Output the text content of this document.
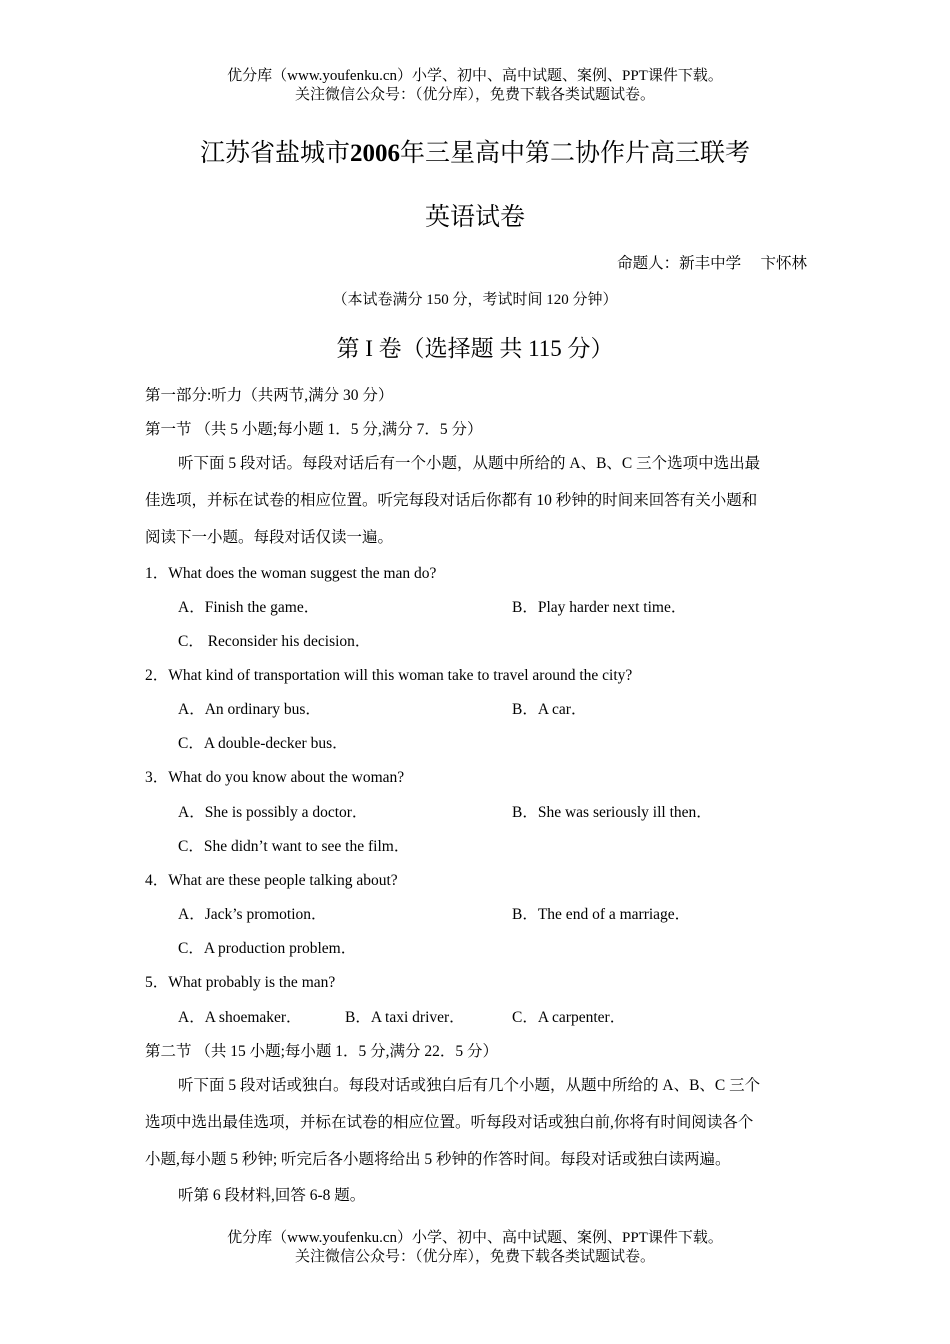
优分库（www.youfenku.cn）小学、初中、高中试题、案例、PPT课件下载。
关注微信公众号：（优分库），免费下载各类试题试卷。
江苏省盐城市2006年三星高中第二协作片高三联考
英语试卷
命题人：新丰中学　 卞怀林
（本试卷满分 150 分，考试时间 120 分钟）
第 I 卷（选择题 共 115 分）
第一部分:听力（共两节,满分 30 分）
第一节 （共 5 小题;每小题 1．5 分,满分 7．5 分）
听下面 5 段对话。每段对话后有一个小题，从题中所给的 A、B、C 三个选项中选出最
佳选项，并标在试卷的相应位置。听完每段对话后你都有 10 秒钟的时间来回答有关小题和
阅读下一小题。每段对话仅读一遍。
1．What does the woman suggest the man do?
A．Finish the game．	B．Play harder next time．
C． Reconsider his decision．
2．What kind of transportation will this woman take to travel around the city?
A．An ordinary bus．	B．A car．
C．A double-decker bus．
3．What do you know about the woman?
A．She is possibly a doctor．	B．She was seriously ill then．
C．She didn’t want to see the film．
4．What are these people talking about?
A．Jack’s promotion．	B．The end of a marriage．
C．A production problem．
5．What probably is the man?
A．A shoemaker．	B．A taxi driver．	C．A carpenter．
第二节 （共 15 小题;每小题 1．5 分,满分 22．5 分）
听下面 5 段对话或独白。每段对话或独白后有几个小题，从题中所给的 A、B、C 三个
选项中选出最佳选项，并标在试卷的相应位置。听每段对话或独白前,你将有时间阅读各个
小题,每小题 5 秒钟; 听完后各小题将给出 5 秒钟的作答时间。每段对话或独白读两遍。
听第 6 段材料,回答 6-8 题。
优分库（www.youfenku.cn）小学、初中、高中试题、案例、PPT课件下载。
关注微信公众号：（优分库），免费下载各类试题试卷。
